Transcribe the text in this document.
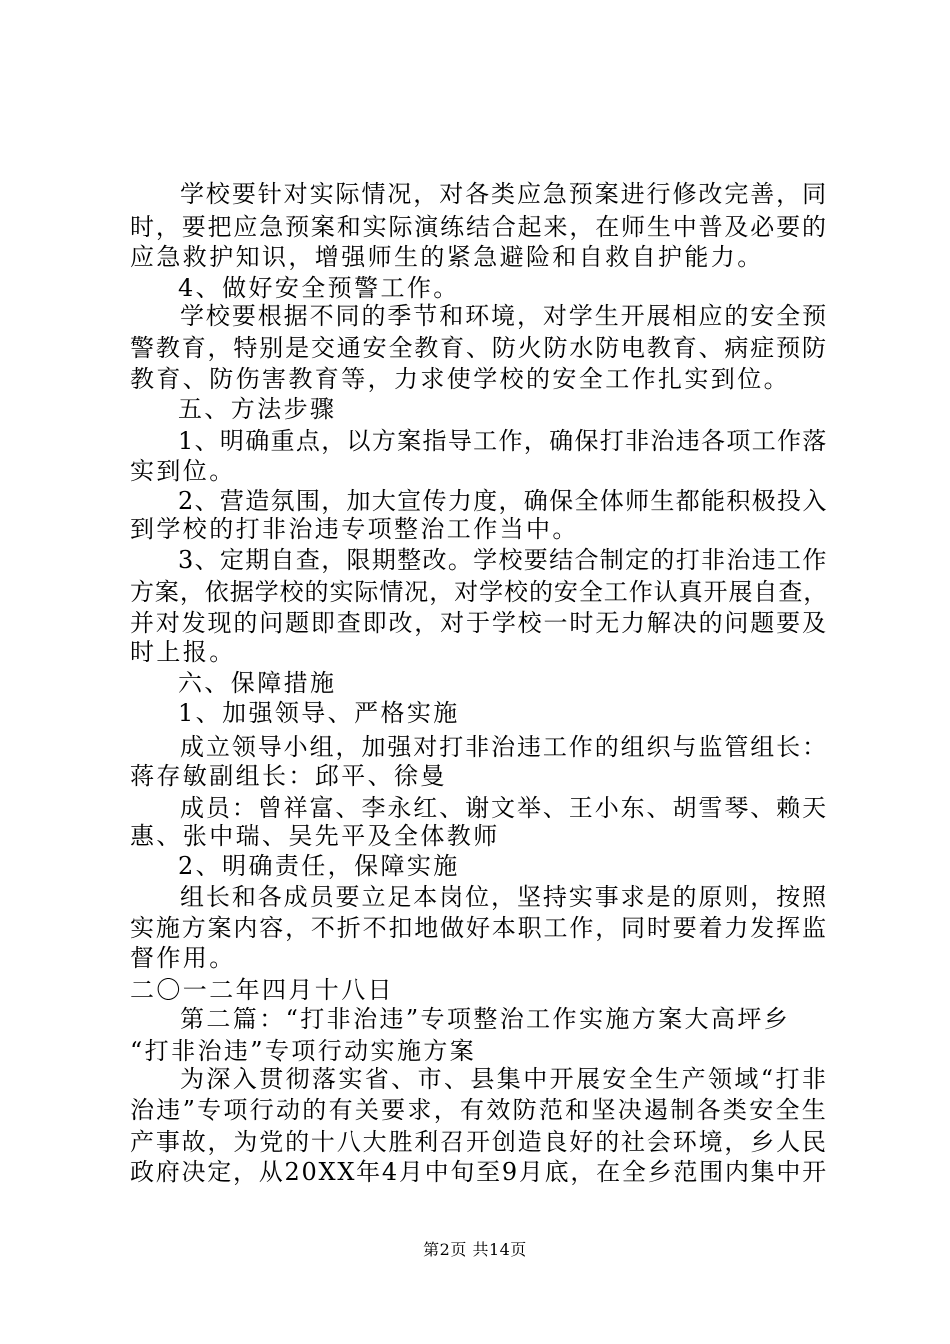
学校要针对实际情况，对各类应急预案进行修改完善，同
时，要把应急预案和实际演练结合起来，在师生中普及必要的
应急救护知识，增强师生的紧急避险和自救自护能力。
4、做好安全预警工作。
学校要根据不同的季节和环境，对学生开展相应的安全预
警教育，特别是交通安全教育、防火防水防电教育、病症预防
教育、防伤害教育等，力求使学校的安全工作扎实到位。
五、方法步骤
1、明确重点，以方案指导工作，确保打非治违各项工作落
实到位。
2、营造氛围，加大宣传力度，确保全体师生都能积极投入
到学校的打非治违专项整治工作当中。
3、定期自查，限期整改。学校要结合制定的打非治违工作
方案，依据学校的实际情况，对学校的安全工作认真开展自查，
并对发现的问题即查即改，对于学校一时无力解决的问题要及
时上报。
六、保障措施
1、加强领导、严格实施
成立领导小组，加强对打非治违工作的组织与监管组长：
蒋存敏副组长：邱平、徐曼
成员：曾祥富、李永红、谢文举、王小东、胡雪琴、赖天
惠、张中瑞、吴先平及全体教师
2、明确责任，保障实施
组长和各成员要立足本岗位，坚持实事求是的原则，按照
实施方案内容，不折不扣地做好本职工作，同时要着力发挥监
督作用。
二〇一二年四月十八日
第二篇：“打非治违”专项整治工作实施方案大高坪乡
“打非治违”专项行动实施方案
为深入贯彻落实省、市、县集中开展安全生产领域“打非
治违”专项行动的有关要求，有效防范和坚决遏制各类安全生
产事故，为党的十八大胜利召开创造良好的社会环境，乡人民
政府决定，从20XX年4月中旬至9月底，在全乡范围内集中开
第2页 共14页
